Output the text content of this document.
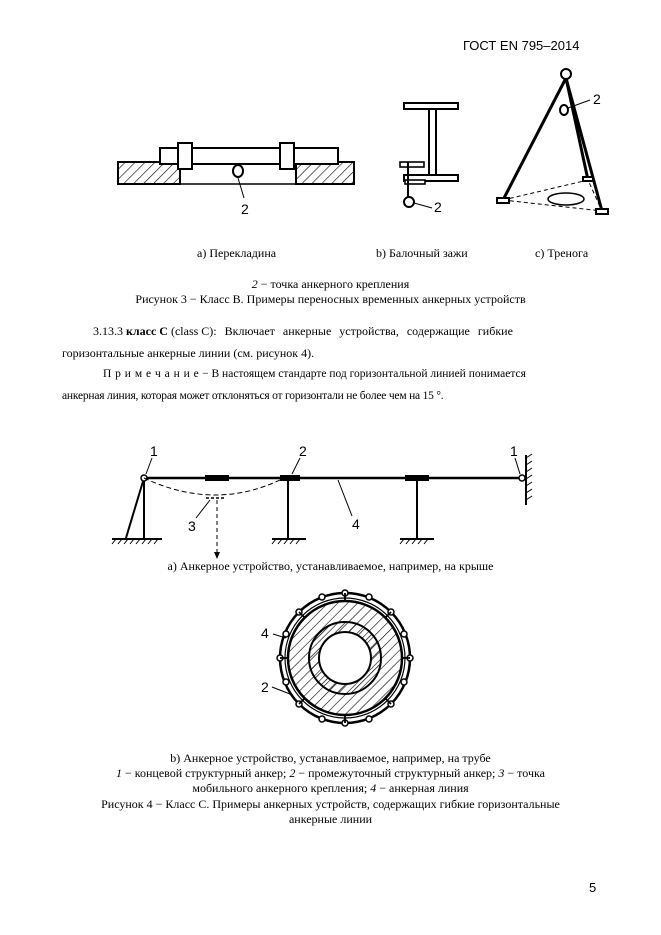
ГОСТ EN 795–2014
2	2
2
a) Перекладина	b) Балочный зажи	c) Тренога
2 − точка анкерного крепления
Рисунок 3 − Класс B. Примеры переносных временных анкерных устройств
3.13.3 класс C (class C): Включает анкерные устройства, содержащие гибкие
горизонтальные анкерные линии (см. рисунок 4).
П р и м е ч а н и е − В настоящем стандарте под горизонтальной линией понимается
анкерная линия, которая может отклоняться от горизонтали не более чем на 15 °.
1	2	1
3	4
a) Анкерное устройство, устанавливаемое, например, на крыше
4
2
b) Анкерное устройство, устанавливаемое, например, на трубе
1 − концевой структурный анкер; 2 − промежуточный структурный анкер; 3 − точка
мобильного анкерного крепления; 4 − анкерная линия
Рисунок 4 − Класс C. Примеры анкерных устройств, содержащих гибкие горизонтальные
анкерные линии
5
